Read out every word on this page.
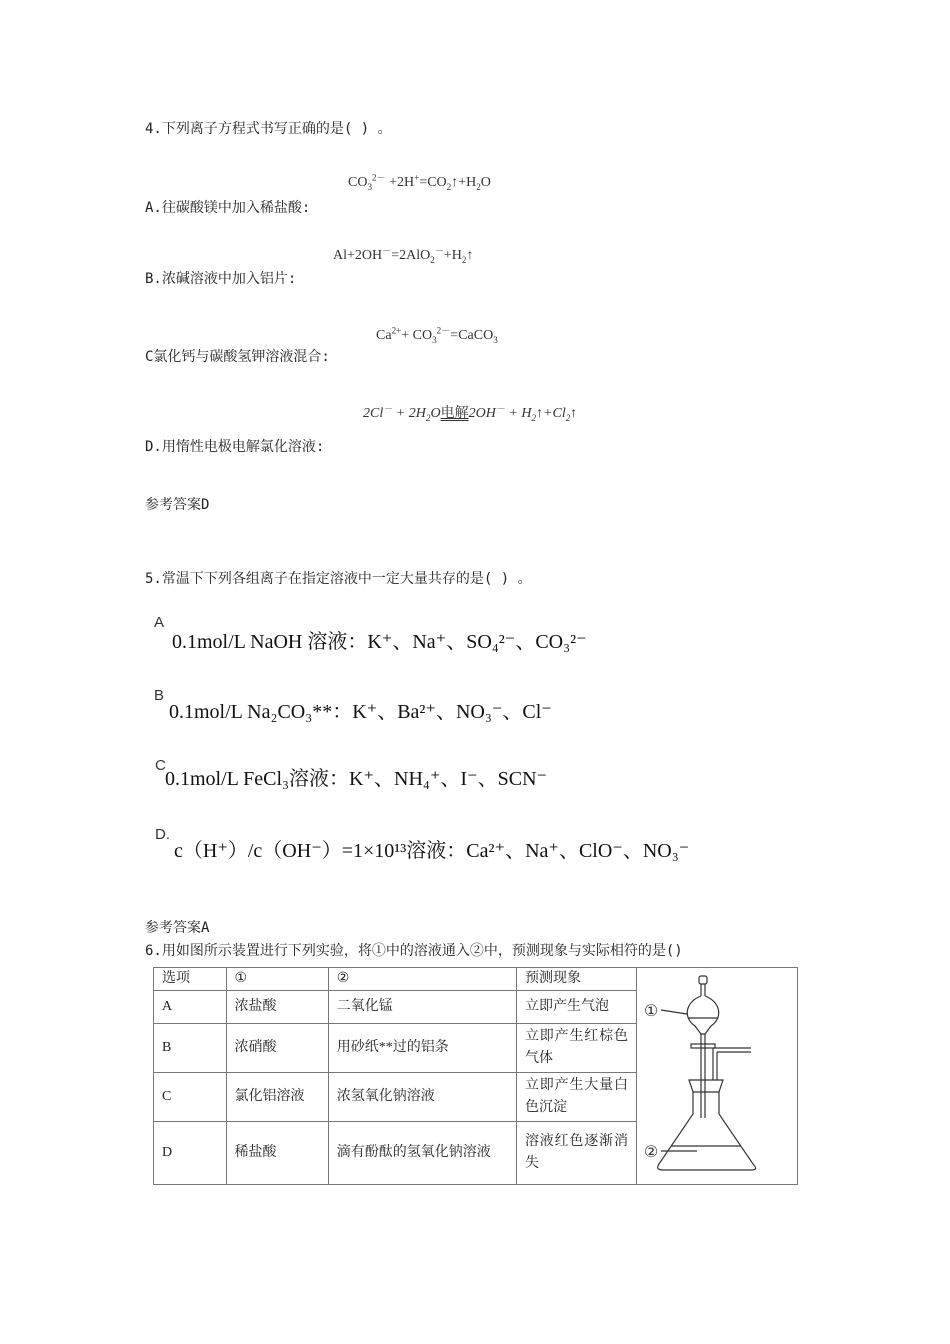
4.下列离子方程式书写正确的是( ) 。
$CO_3^{2-}$ $+2H^+=CO_2↑+H_2O$
A.往碳酸镁中加入稀盐酸:
$Al+2OH^-=2AlO_2^-+H_2↑$
B.浓碱溶液中加入铝片:
$Ca^{2+}+$ $CO_3^{2-}=CaCO_3$
C氯化钙与碳酸氢钾溶液混合:
$2Cl^- + 2H_2O$电解$2OH^- + H_2↑+Cl_2↑$
D.用惰性电极电解氯化溶液:
参考答案D
5.常温下下列各组离子在指定溶液中一定大量共存的是( ) 。
A
0.1mol/L NaOH 溶液：K⁺、Na⁺、SO₄²⁻、CO₃²⁻
B
0.1mol/L Na₂CO₃**：K⁺、Ba²⁺、NO₃⁻、Cl⁻
C
0.1mol/L FeCl₃溶液：K⁺、NH₄⁺、I⁻、SCN⁻
D.
c（H⁺）/c（OH⁻）=1×10¹³溶液：Ca²⁺、Na⁺、ClO⁻、NO₃⁻
参考答案A
6.用如图所示装置进行下列实验，将①中的溶液通入②中，预测现象与实际相符的是()
选项	①	②	预测现象	①
②

A	浓盐酸	二氧化锰	立即产生气泡	
B	浓硝酸	用砂纸**过的铝条	立即产生红棕色气体	
C	氯化铝溶液	浓氢氧化钠溶液	立即产生大量白色沉淀	
D	稀盐酸	滴有酚酞的氢氧化钠溶液	溶液红色逐渐消失	
